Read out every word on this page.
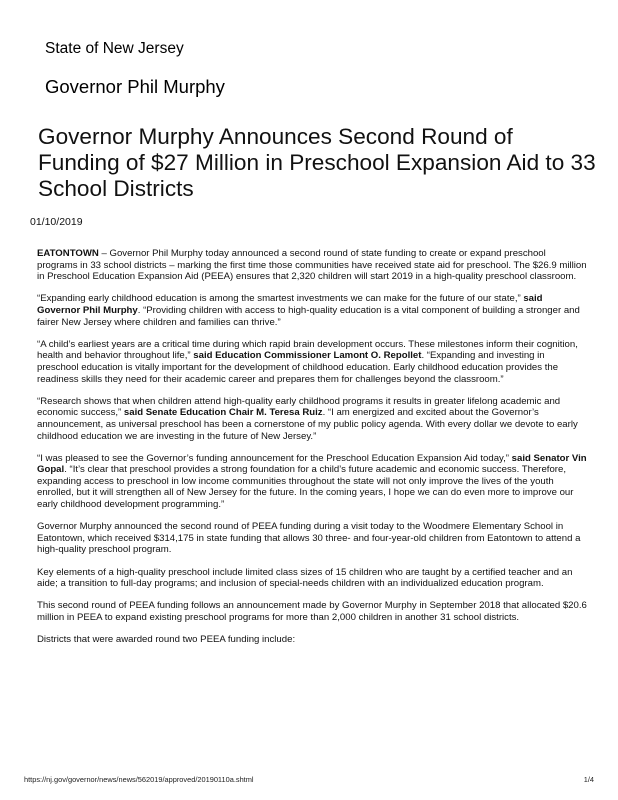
State of New Jersey
Governor Phil Murphy
Governor Murphy Announces Second Round of Funding of $27 Million in Preschool Expansion Aid to 33 School Districts
01/10/2019

EATONTOWN – Governor Phil Murphy today announced a second round of state funding to create or expand preschool programs in 33 school districts – marking the first time those communities have received state aid for preschool. The $26.9 million in Preschool Education Expansion Aid (PEEA) ensures that 2,320 children will start 2019 in a high-quality preschool classroom.

“Expanding early childhood education is among the smartest investments we can make for the future of our state,” said Governor Phil Murphy. “Providing children with access to high-quality education is a vital component of building a stronger and fairer New Jersey where children and families can thrive.”

“A child’s earliest years are a critical time during which rapid brain development occurs. These milestones inform their cognition, health and behavior throughout life,” said Education Commissioner Lamont O. Repollet. “Expanding and investing in preschool education is vitally important for the development of childhood education. Early childhood education provides the readiness skills they need for their academic career and prepares them for challenges beyond the classroom.”

“Research shows that when children attend high-quality early childhood programs it results in greater lifelong academic and economic success,” said Senate Education Chair M. Teresa Ruiz. “I am energized and excited about the Governor’s announcement, as universal preschool has been a cornerstone of my public policy agenda. With every dollar we devote to early childhood education we are investing in the future of New Jersey.”

“I was pleased to see the Governor’s funding announcement for the Preschool Education Expansion Aid today,” said Senator Vin Gopal. “It’s clear that preschool provides a strong foundation for a child’s future academic and economic success. Therefore, expanding access to preschool in low income communities throughout the state will not only improve the lives of the youth enrolled, but it will strengthen all of New Jersey for the future. In the coming years, I hope we can do even more to improve our early childhood development programming.”

Governor Murphy announced the second round of PEEA funding during a visit today to the Woodmere Elementary School in Eatontown, which received $314,175 in state funding that allows 30 three- and four-year-old children from Eatontown to attend a high-quality preschool program.

Key elements of a high-quality preschool include limited class sizes of 15 children who are taught by a certified teacher and an aide; a transition to full-day programs; and inclusion of special-needs children with an individualized education program.

This second round of PEEA funding follows an announcement made by Governor Murphy in September 2018 that allocated $20.6 million in PEEA to expand existing preschool programs for more than 2,000 children in another 31 school districts.

Districts that were awarded round two PEEA funding include:

https://nj.gov/governor/news/news/562019/approved/20190110a.shtml	1/4
